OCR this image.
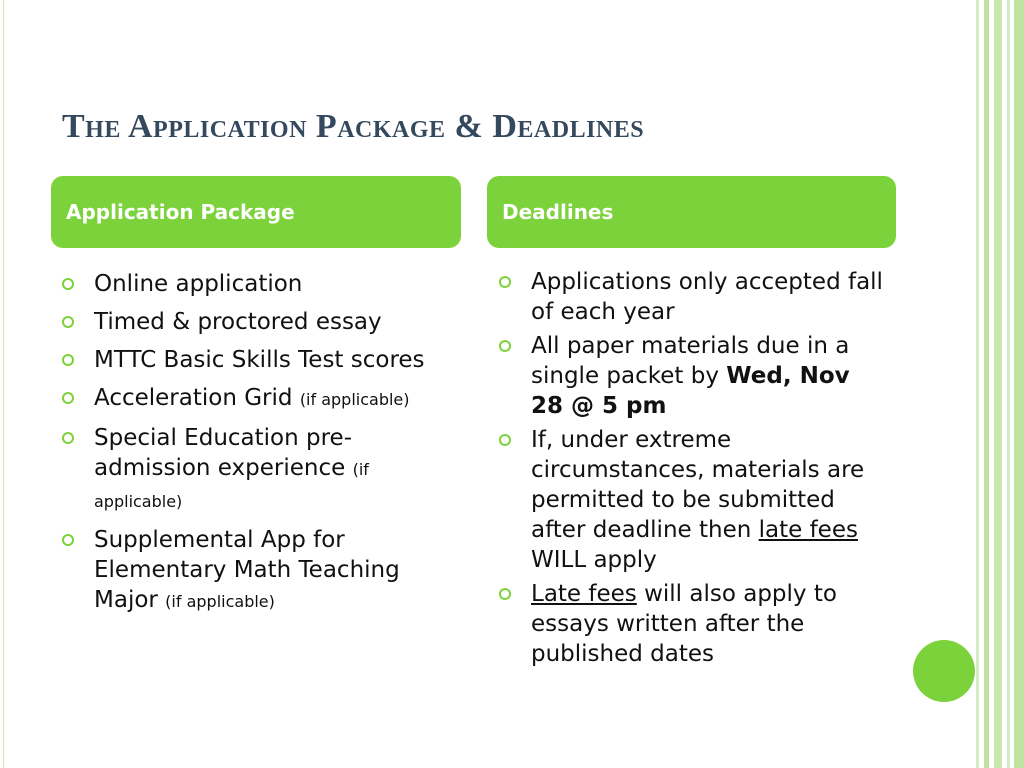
The Application Package & Deadlines
Application Package	Deadlines
Online application
Timed & proctored essay
MTTC Basic Skills Test scores
Acceleration Grid (if applicable)
Special Education pre-admission experience (if applicable)
Supplemental App for Elementary Math Teaching Major (if applicable)
Applications only accepted fall of each year
All paper materials due in a single packet by Wed, Nov 28 @ 5 pm
If, under extreme circumstances, materials are permitted to be submitted after deadline then late fees WILL apply
Late fees will also apply to essays written after the published dates
